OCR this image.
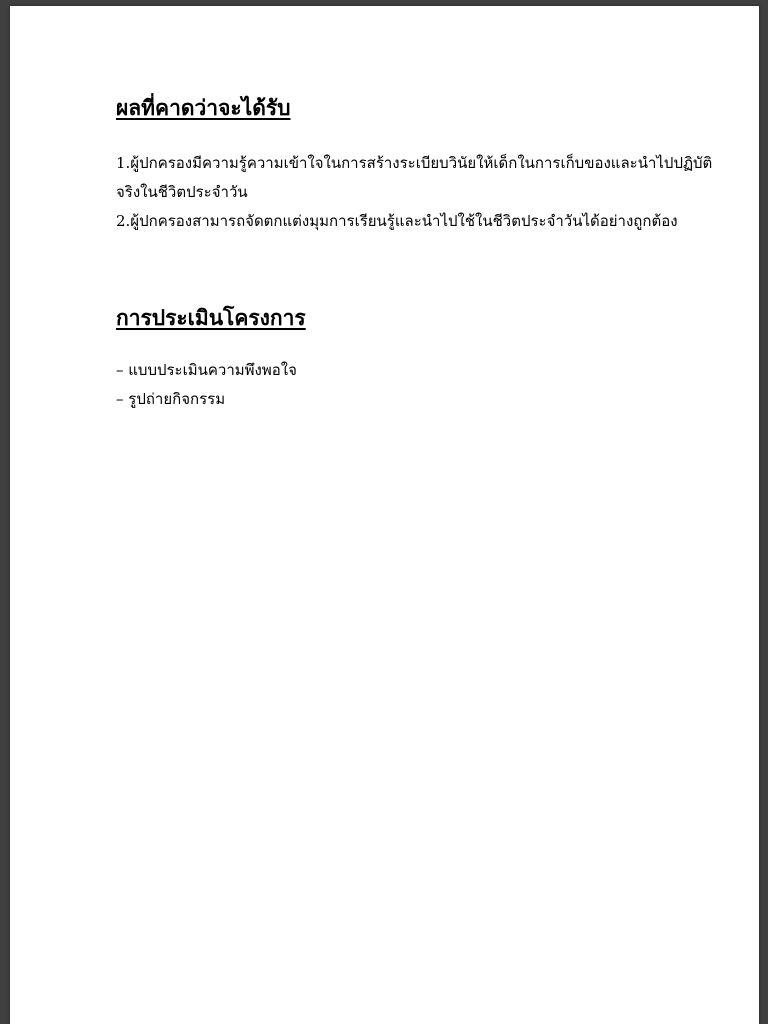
ผลที่คาดว่าจะได้รับ

1.ผู้ปกครองมีความรู้ความเข้าใจในการสร้างระเบียบวินัยให้เด็กในการเก็บของและนำไปปฏิบัติจริงในชีวิตประจำวัน

2.ผู้ปกครองสามารถจัดตกแต่งมุมการเรียนรู้และนำไปใช้ในชีวิตประจำวันได้อย่างถูกต้อง

การประเมินโครงการ
– แบบประเมินความพึงพอใจ
– รูปถ่ายกิจกรรม
